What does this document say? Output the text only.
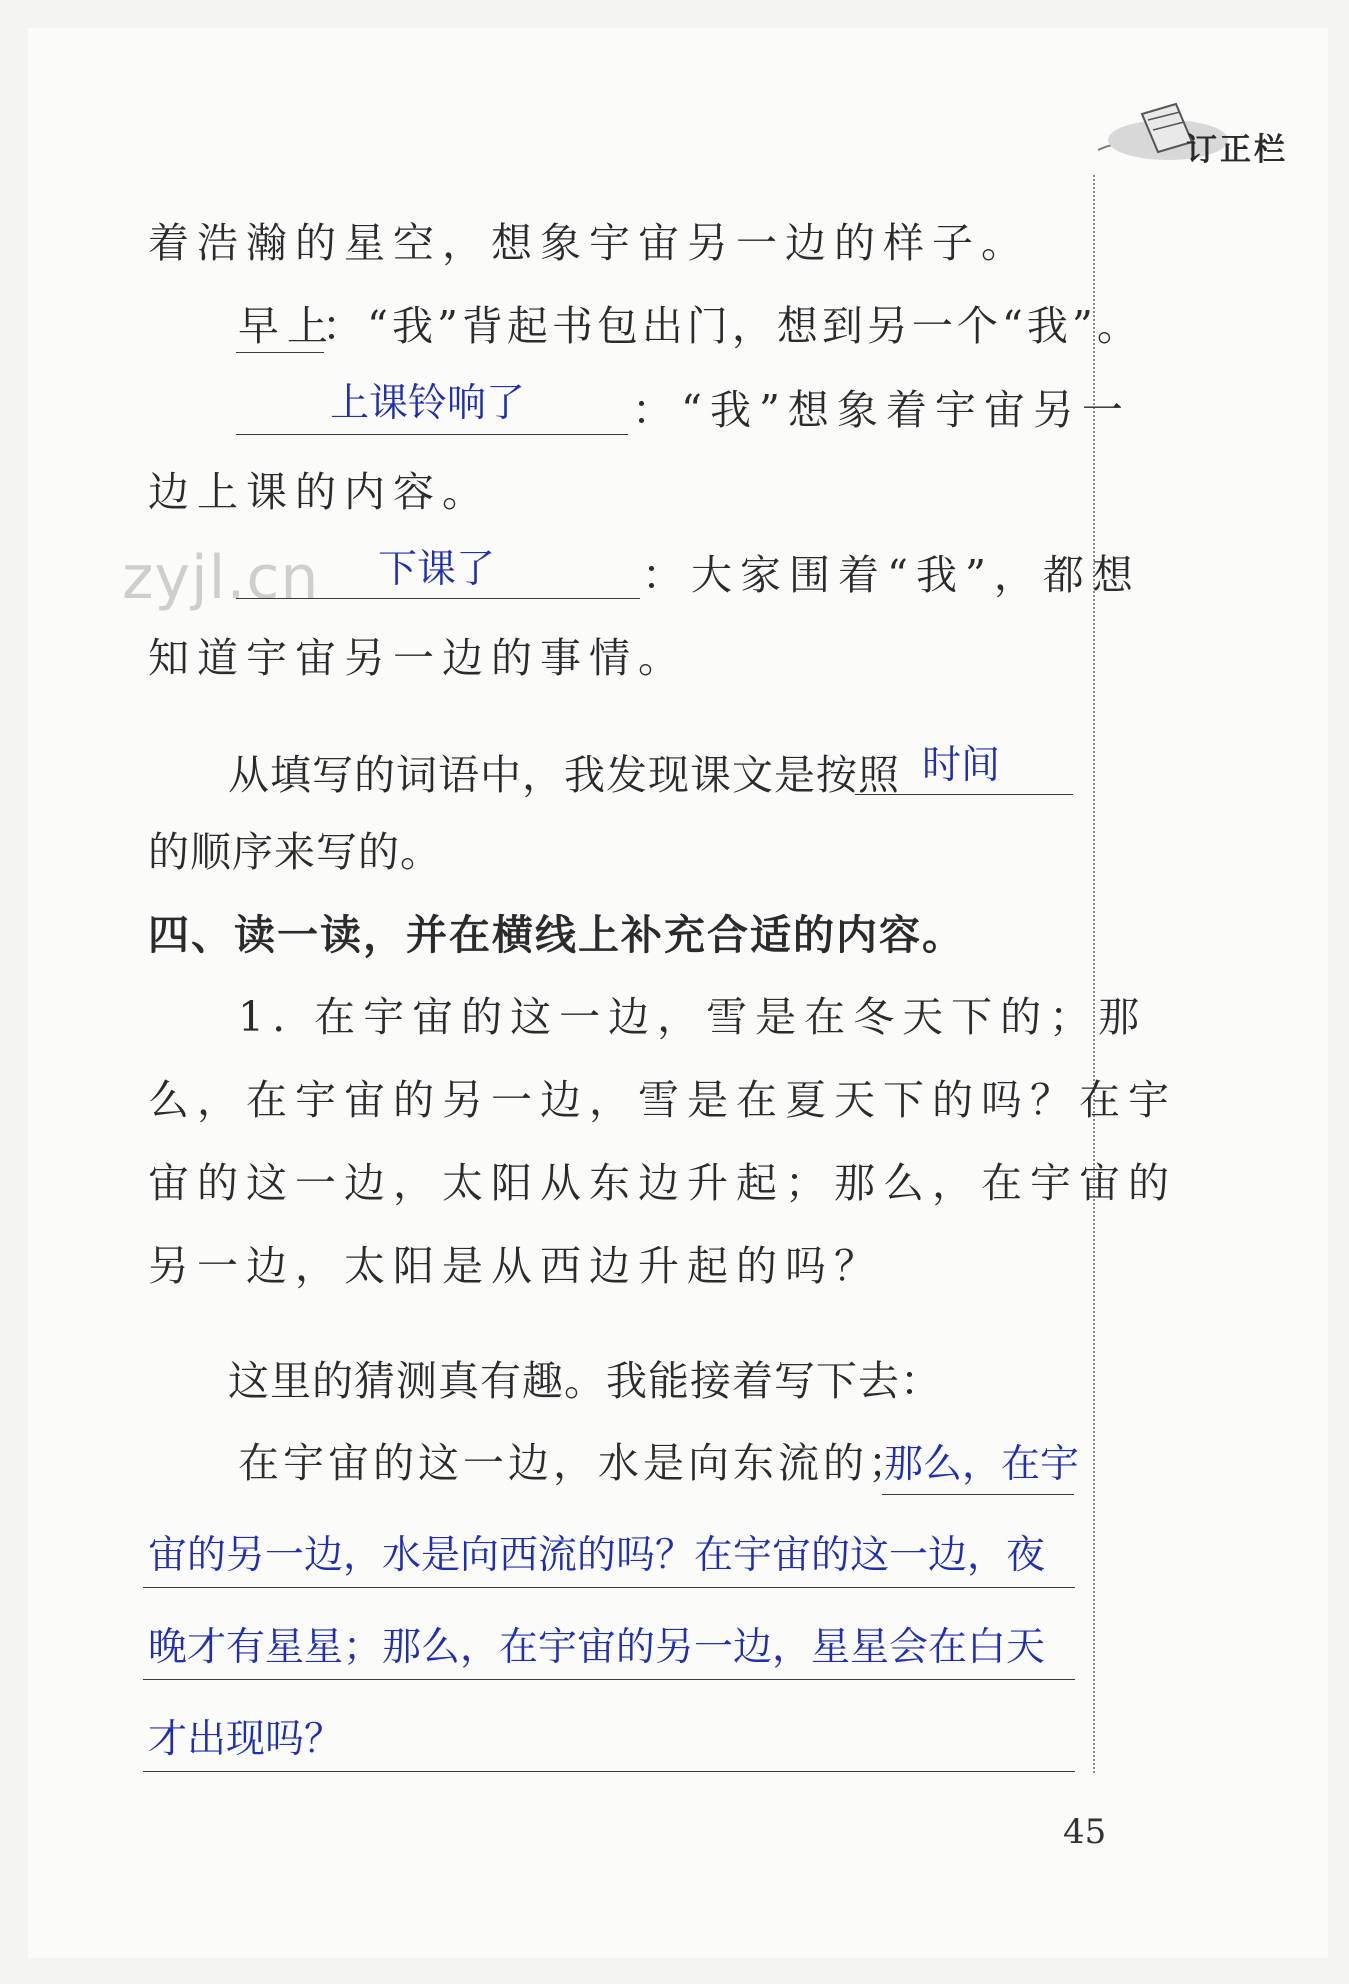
订正栏
zyjl.cn
着浩瀚的星空，想象宇宙另一边的样子。
早上
：“我”背起书包出门，想到另一个“我”。
上课铃响了	：“我”想象着宇宙另一
边上课的内容。
下课了	：大家围着“我”，都想
知道宇宙另一边的事情。
从填写的词语中，我发现课文是按照 时间
的顺序来写的。
四、读一读，并在横线上补充合适的内容。
1. 在宇宙的这一边，雪是在冬天下的；那
么，在宇宙的另一边，雪是在夏天下的吗？在宇
宙的这一边，太阳从东边升起；那么，在宇宙的
另一边，太阳是从西边升起的吗？
这里的猜测真有趣。我能接着写下去：
在宇宙的这一边，水是向东流的；
那么，在宇
宙的另一边，水是向西流的吗？在宇宙的这一边，夜
晚才有星星；那么，在宇宙的另一边，星星会在白天
才出现吗？
45
